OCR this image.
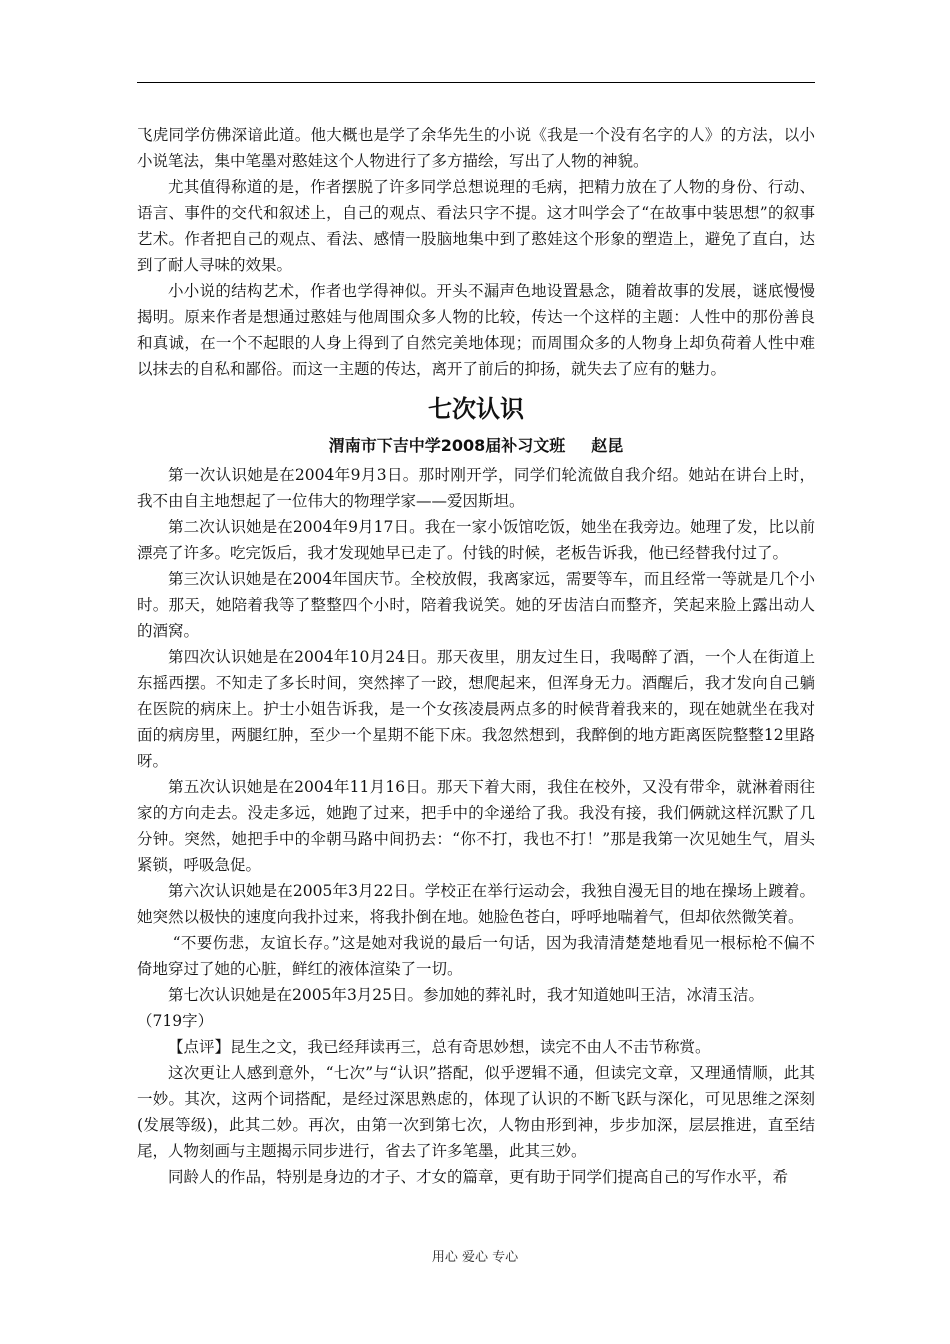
飞虎同学仿佛深谙此道。他大概也是学了余华先生的小说《我是一个没有名字的人》的方法，以小小说笔法，集中笔墨对憨娃这个人物进行了多方描绘，写出了人物的神貌。

尤其值得称道的是，作者摆脱了许多同学总想说理的毛病，把精力放在了人物的身份、行动、语言、事件的交代和叙述上，自己的观点、看法只字不提。这才叫学会了“在故事中装思想”的叙事艺术。作者把自己的观点、看法、感情一股脑地集中到了憨娃这个形象的塑造上，避免了直白，达到了耐人寻味的效果。

小小说的结构艺术，作者也学得神似。开头不漏声色地设置悬念，随着故事的发展，谜底慢慢揭明。原来作者是想通过憨娃与他周围众多人物的比较，传达一个这样的主题：人性中的那份善良和真诚，在一个不起眼的人身上得到了自然完美地体现；而周围众多的人物身上却负荷着人性中难以抹去的自私和鄙俗。而这一主题的传达，离开了前后的抑扬，就失去了应有的魅力。

七次认识
渭南市下吉中学2008届补习文班 赵昆

第一次认识她是在2004年9月3日。那时刚开学，同学们轮流做自我介绍。她站在讲台上时，我不由自主地想起了一位伟大的物理学家——爱因斯坦。

第二次认识她是在2004年9月17日。我在一家小饭馆吃饭，她坐在我旁边。她理了发，比以前漂亮了许多。吃完饭后，我才发现她早已走了。付钱的时候，老板告诉我，他已经替我付过了。

第三次认识她是在2004年国庆节。全校放假，我离家远，需要等车，而且经常一等就是几个小时。那天，她陪着我等了整整四个小时，陪着我说笑。她的牙齿洁白而整齐，笑起来脸上露出动人的酒窝。

第四次认识她是在2004年10月24日。那天夜里，朋友过生日，我喝醉了酒，一个人在街道上东摇西摆。不知走了多长时间，突然摔了一跤，想爬起来，但浑身无力。酒醒后，我才发向自己躺在医院的病床上。护士小姐告诉我，是一个女孩凌晨两点多的时候背着我来的，现在她就坐在我对面的病房里，两腿红肿，至少一个星期不能下床。我忽然想到，我醉倒的地方距离医院整整12里路呀。

第五次认识她是在2004年11月16日。那天下着大雨，我住在校外，又没有带伞，就淋着雨往家的方向走去。没走多远，她跑了过来，把手中的伞递给了我。我没有接，我们俩就这样沉默了几分钟。突然，她把手中的伞朝马路中间扔去：“你不打，我也不打！”那是我第一次见她生气，眉头紧锁，呼吸急促。

第六次认识她是在2005年3月22日。学校正在举行运动会，我独自漫无目的地在操场上踱着。她突然以极快的速度向我扑过来，将我扑倒在地。她脸色苍白，呼呼地喘着气，但却依然微笑着。

“不要伤悲，友谊长存。”这是她对我说的最后一句话，因为我清清楚楚地看见一根标枪不偏不倚地穿过了她的心脏，鲜红的液体渲染了一切。

第七次认识她是在2005年3月25日。参加她的葬礼时，我才知道她叫王洁，冰清玉洁。

（719字）

【点评】昆生之文，我已经拜读再三，总有奇思妙想，读完不由人不击节称赏。

这次更让人感到意外，“七次”与“认识”搭配，似乎逻辑不通，但读完文章，又理通情顺，此其一妙。其次，这两个词搭配，是经过深思熟虑的，体现了认识的不断飞跃与深化，可见思维之深刻(发展等级)，此其二妙。再次，由第一次到第七次，人物由形到神，步步加深，层层推进，直至结尾，人物刻画与主题揭示同步进行，省去了许多笔墨，此其三妙。

同龄人的作品，特别是身边的才子、才女的篇章，更有助于同学们提高自己的写作水平，希

用心 爱心 专心
